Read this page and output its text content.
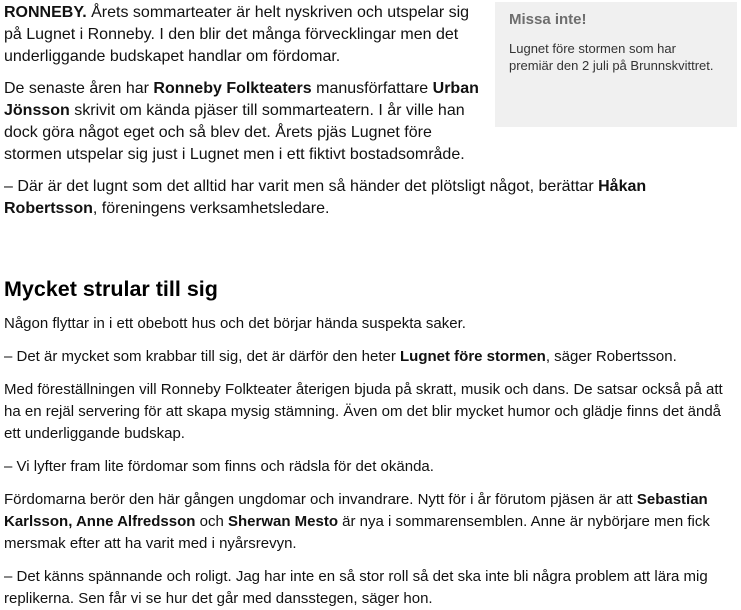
Missa inte!

Lugnet före stormen som har premiär den 2 juli på Brunnskvittret.

RONNEBY. Årets sommarteater är helt nyskriven och utspelar sig på Lugnet i Ronneby. I den blir det många förvecklingar men det underliggande budskapet handlar om fördomar.

De senaste åren har Ronneby Folkteaters manusförfattare Urban Jönsson skrivit om kända pjäser till sommarteatern. I år ville han dock göra något eget och så blev det. Årets pjäs Lugnet före stormen utspelar sig just i Lugnet men i ett fiktivt bostadsområde.

– Där är det lugnt som det alltid har varit men så händer det plötsligt något, berättar Håkan Robertsson, föreningens verksamhetsledare.

Mycket strular till sig

Någon flyttar in i ett obebott hus och det börjar hända suspekta saker.

– Det är mycket som krabbar till sig, det är därför den heter Lugnet före stormen, säger Robertsson.

Med föreställningen vill Ronneby Folkteater återigen bjuda på skratt, musik och dans. De satsar också på att ha en rejäl servering för att skapa mysig stämning. Även om det blir mycket humor och glädje finns det ändå ett underliggande budskap.

– Vi lyfter fram lite fördomar som finns och rädsla för det okända.

Fördomarna berör den här gången ungdomar och invandrare. Nytt för i år förutom pjäsen är att Sebastian Karlsson, Anne Alfredsson och Sherwan Mesto är nya i sommarensemblen. Anne är nybörjare men fick mersmak efter att ha varit med i nyårsrevyn.

– Det känns spännande och roligt. Jag har inte en så stor roll så det ska inte bli några problem att lära mig replikerna. Sen får vi se hur det går med dansstegen, säger hon.
